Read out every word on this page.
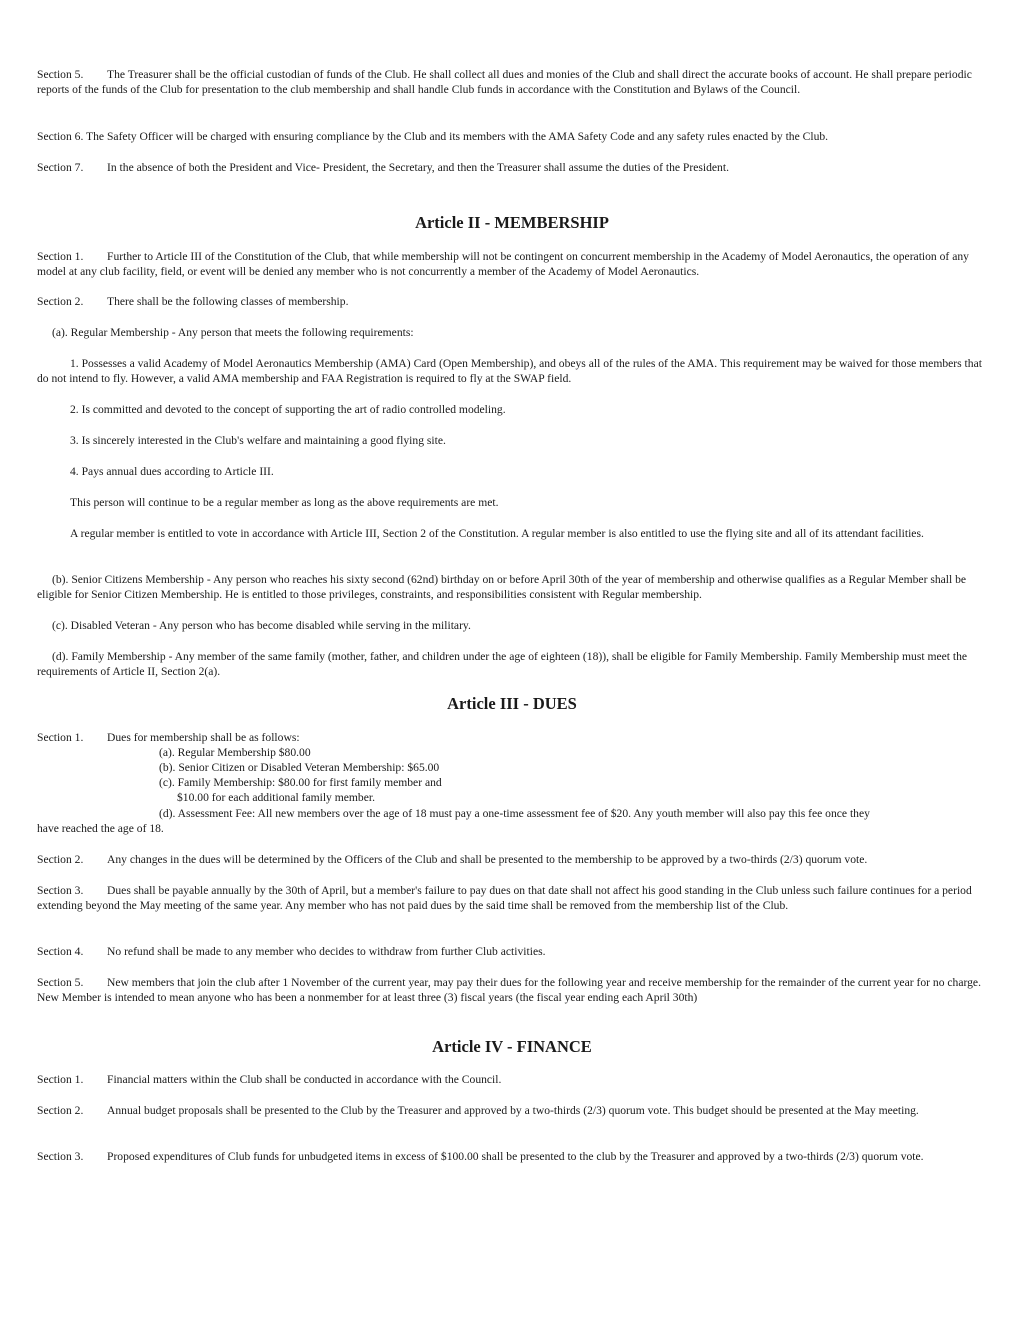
Section 5. The Treasurer shall be the official custodian of funds of the Club. He shall collect all dues and monies of the Club and shall direct the accurate books of account. He shall prepare periodic reports of the funds of the Club for presentation to the club membership and shall handle Club funds in accordance with the Constitution and Bylaws of the Council.

Section 6. The Safety Officer will be charged with ensuring compliance by the Club and its members with the AMA Safety Code and any safety rules enacted by the Club.

Section 7. In the absence of both the President and Vice- President, the Secretary, and then the Treasurer shall assume the duties of the President.

Article II - MEMBERSHIP

Section 1. Further to Article III of the Constitution of the Club, that while membership will not be contingent on concurrent membership in the Academy of Model Aeronautics, the operation of any model at any club facility, field, or event will be denied any member who is not concurrently a member of the Academy of Model Aeronautics.

Section 2. There shall be the following classes of membership.

(a). Regular Membership - Any person that meets the following requirements:

1. Possesses a valid Academy of Model Aeronautics Membership (AMA) Card (Open Membership), and obeys all of the rules of the AMA. This requirement may be waived for those members that do not intend to fly. However, a valid AMA membership and FAA Registration is required to fly at the SWAP field.

2. Is committed and devoted to the concept of supporting the art of radio controlled modeling.

3. Is sincerely interested in the Club's welfare and maintaining a good flying site.

4. Pays annual dues according to Article III.

This person will continue to be a regular member as long as the above requirements are met.

A regular member is entitled to vote in accordance with Article III, Section 2 of the Constitution. A regular member is also entitled to use the flying site and all of its attendant facilities.

(b). Senior Citizens Membership - Any person who reaches his sixty second (62nd) birthday on or before April 30th of the year of membership and otherwise qualifies as a Regular Member shall be eligible for Senior Citizen Membership. He is entitled to those privileges, constraints, and responsibilities consistent with Regular membership.

(c). Disabled Veteran - Any person who has become disabled while serving in the military.

(d). Family Membership - Any member of the same family (mother, father, and children under the age of eighteen (18)), shall be eligible for Family Membership. Family Membership must meet the requirements of Article II, Section 2(a).

Article III - DUES

Section 1. Dues for membership shall be as follows:

(a). Regular Membership $80.00

(b). Senior Citizen or Disabled Veteran Membership: $65.00

(c). Family Membership: $80.00 for first family member and

$10.00 for each additional family member.

(d). Assessment Fee: All new members over the age of 18 must pay a one-time assessment fee of $20. Any youth member will also pay this fee once they

have reached the age of 18.

Section 2. Any changes in the dues will be determined by the Officers of the Club and shall be presented to the membership to be approved by a two-thirds (2/3) quorum vote.

Section 3. Dues shall be payable annually by the 30th of April, but a member's failure to pay dues on that date shall not affect his good standing in the Club unless such failure continues for a period extending beyond the May meeting of the same year. Any member who has not paid dues by the said time shall be removed from the membership list of the Club.

Section 4. No refund shall be made to any member who decides to withdraw from further Club activities.

Section 5. New members that join the club after 1 November of the current year, may pay their dues for the following year and receive membership for the remainder of the current year for no charge. New Member is intended to mean anyone who has been a nonmember for at least three (3) fiscal years (the fiscal year ending each April 30th)

Article IV - FINANCE

Section 1. Financial matters within the Club shall be conducted in accordance with the Council.

Section 2. Annual budget proposals shall be presented to the Club by the Treasurer and approved by a two-thirds (2/3) quorum vote. This budget should be presented at the May meeting.

Section 3. Proposed expenditures of Club funds for unbudgeted items in excess of $100.00 shall be presented to the club by the Treasurer and approved by a two-thirds (2/3) quorum vote.
